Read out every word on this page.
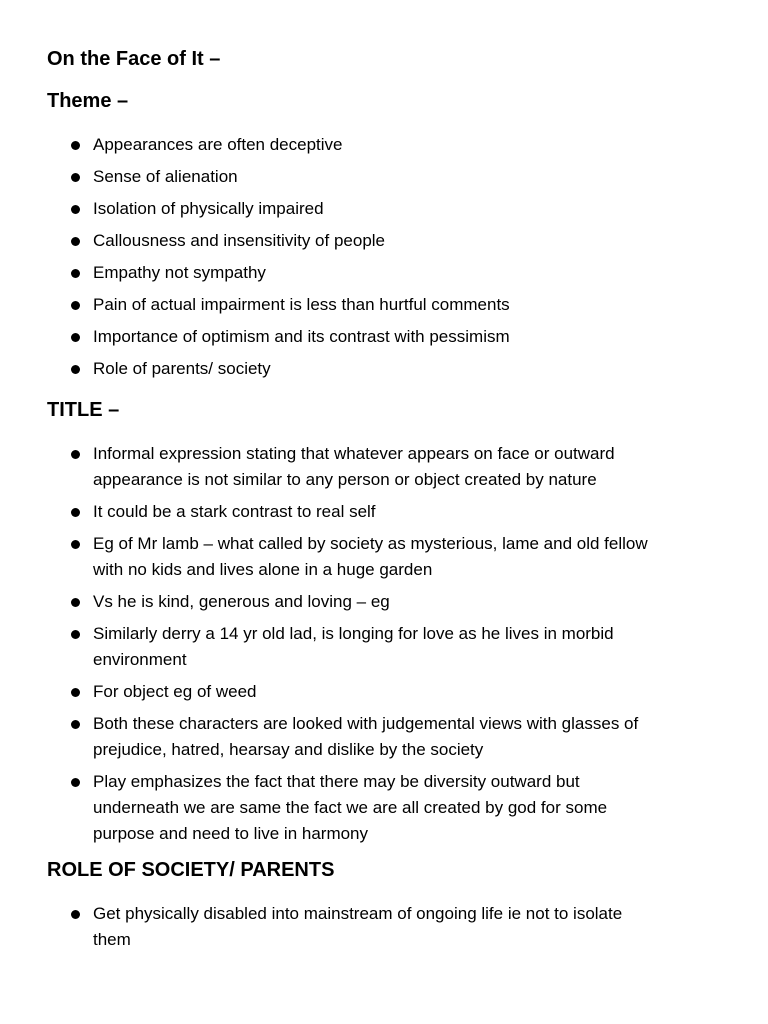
On the Face of It –
Theme –
Appearances are often deceptive
Sense of alienation
Isolation of physically impaired
Callousness and insensitivity of people
Empathy not sympathy
Pain of actual impairment is less than hurtful comments
Importance of optimism and its contrast with pessimism
Role of parents/ society
TITLE –
Informal expression stating that whatever appears on face or outward
appearance is not similar to any person or object created by nature
It could be a stark contrast to real self
Eg of Mr lamb – what called by society as mysterious, lame and old fellow
with no kids and lives alone in a huge garden
Vs he is kind, generous and loving – eg
Similarly derry a 14 yr old lad, is longing for love as he lives in morbid
environment
For object eg of weed
Both these characters are looked with judgemental views with glasses of
prejudice, hatred, hearsay and dislike by the society
Play emphasizes the fact that there may be diversity outward but
underneath we are same the fact we are all created by god for some
purpose and need to live in harmony
ROLE OF SOCIETY/ PARENTS
Get physically disabled into mainstream of ongoing life ie not to isolate
them
